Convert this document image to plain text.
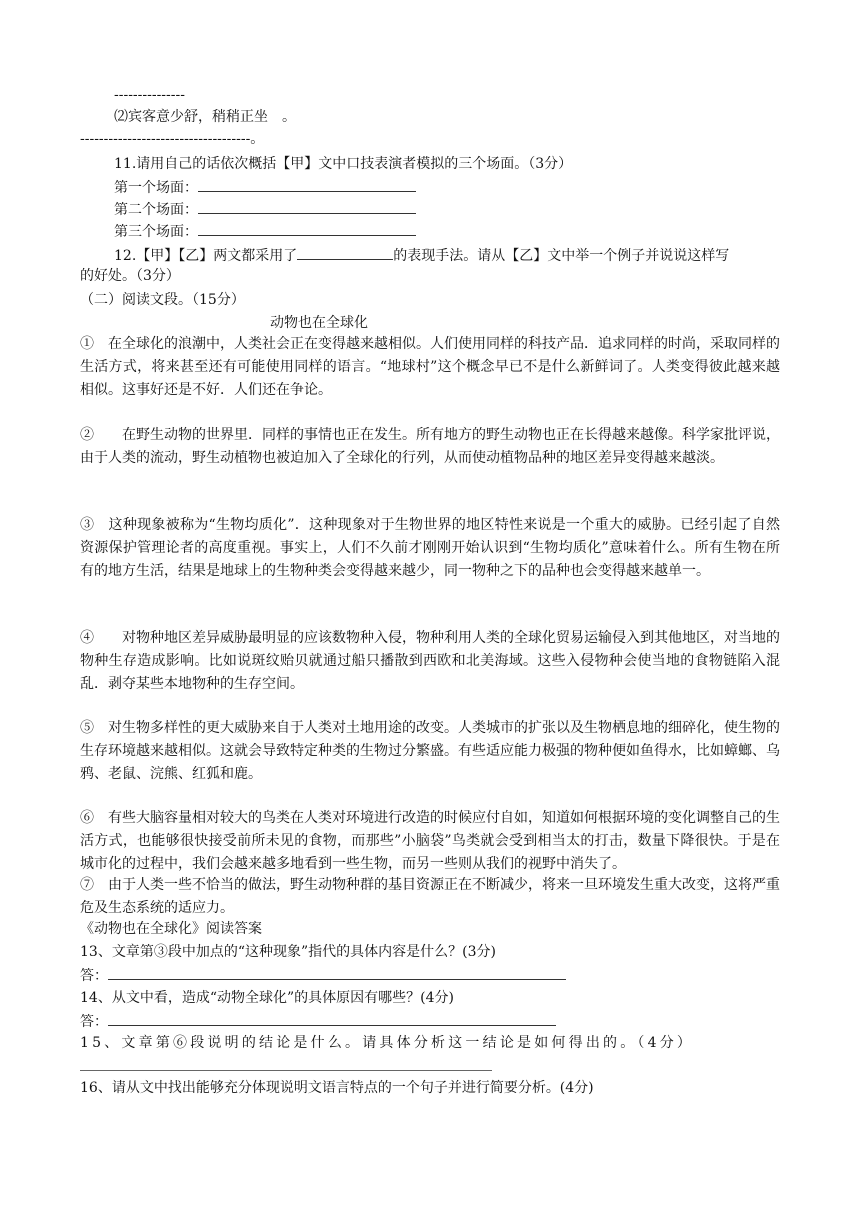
---------------
⑵宾客意少舒，稍稍正坐　。
------------------------------------。
11.请用自己的话依次概括【甲】文中口技表演者模拟的三个场面。（3分）
第一个场面：
第二个场面：
第三个场面：
12.【甲】【乙】两文都采用了	的表现手法。请从【乙】文中举一个例子并说说这样写
的好处。（3分）
（二）阅读文段。（15分）
动物也在全球化
①　在全球化的浪潮中，人类社会正在变得越来越相似。人们使用同样的科技产品．追求同样的时尚，采取同样的生活方式，将来甚至还有可能使用同样的语言。“地球村”这个概念早已不是什么新鲜词了。人类变得彼此越来越相似。这事好还是不好．人们还在争论。
②　　在野生动物的世界里．同样的事情也正在发生。所有地方的野生动物也正在长得越来越像。科学家批评说，由于人类的流动，野生动植物也被迫加入了全球化的行列，从而使动植物品种的地区差异变得越来越淡。
③　这种现象被称为“生物均质化”．这种现象对于生物世界的地区特性来说是一个重大的威胁。已经引起了自然资源保护管理论者的高度重视。事实上，人们不久前才刚刚开始认识到“生物均质化”意味着什么。所有生物在所有的地方生活，结果是地球上的生物种类会变得越来越少，同一物种之下的品种也会变得越来越单一。
④　　对物种地区差异威胁最明显的应该数物种入侵，物种利用人类的全球化贸易运输侵入到其他地区，对当地的物种生存造成影响。比如说斑纹贻贝就通过船只播散到西欧和北美海域。这些入侵物种会使当地的食物链陷入混乱．剥夺某些本地物种的生存空间。
⑤　对生物多样性的更大威胁来自于人类对土地用途的改变。人类城市的扩张以及生物栖息地的细碎化，使生物的生存环境越来越相似。这就会导致特定种类的生物过分繁盛。有些适应能力极强的物种便如鱼得水，比如蟑螂、乌鸦、老鼠、浣熊、红狐和鹿。
⑥　有些大脑容量相对较大的鸟类在人类对环境进行改造的时候应付自如，知道如何根据环境的变化调整自己的生活方式，也能够很快接受前所未见的食物，而那些”小脑袋”鸟类就会受到相当太的打击，数量下降很快。于是在城市化的过程中，我们会越来越多地看到一些生物，而另一些则从我们的视野中消失了。
⑦　由于人类一些不恰当的做法，野生动物种群的基目资源正在不断减少，将来一旦环境发生重大改变，这将严重危及生态系统的适应力。
《动物也在全球化》阅读答案
13、文章第③段中加点的“这种现象”指代的具体内容是什么？(3分)
答：
14、从文中看，造成“动物全球化”的具体原因有哪些？(4分)
答：
15、文章第⑥段说明的结论是什么。请具体分析这一结论是如何得出的。（4分）
16、请从文中找出能够充分体现说明文语言特点的一个句子并进行简要分析。(4分)
